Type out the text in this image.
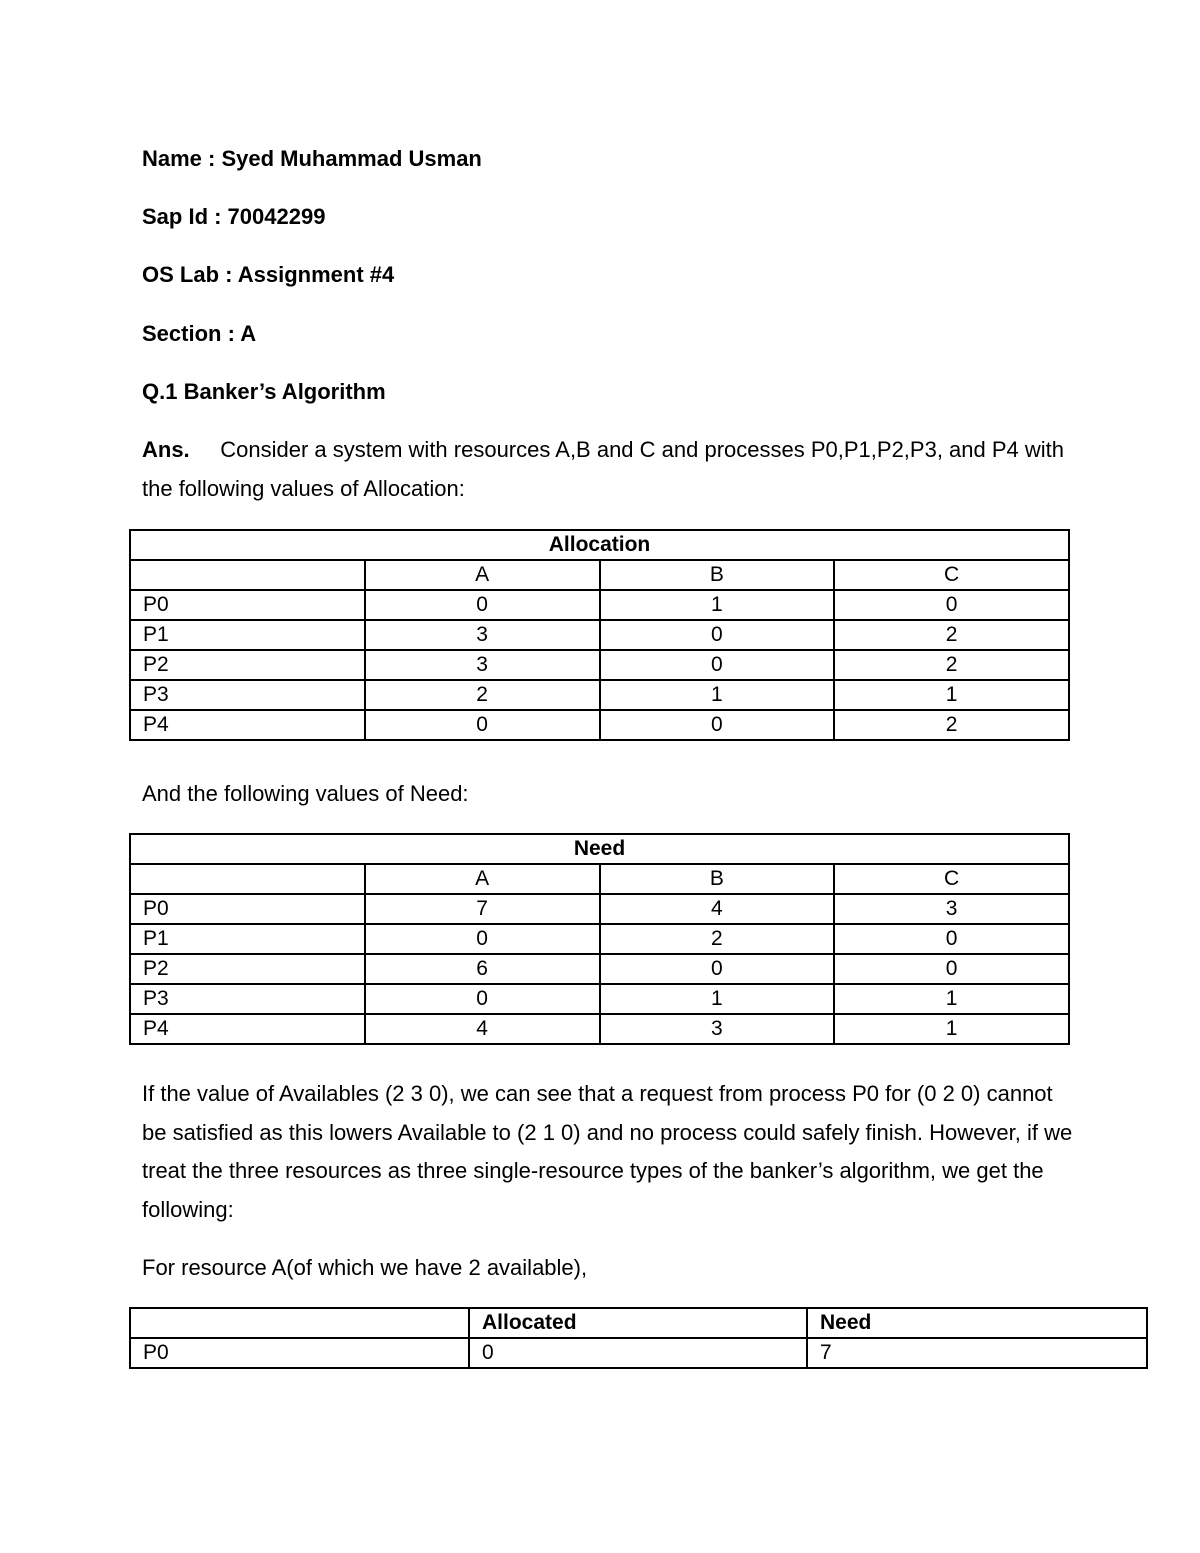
Name : Syed Muhammad Usman
Sap Id : 70042299
OS Lab : Assignment #4
Section : A
Q.1 Banker’s Algorithm
Ans. Consider a system with resources A,B and C and processes P0,P1,P2,P3, and P4 with the following values of Allocation:
Allocation			
	A	B	C
P0	0	1	0
P1	3	0	2
P2	3	0	2
P3	2	1	1
P4	0	0	2
And the following values of Need:
Need			
	A	B	C
P0	7	4	3
P1	0	2	0
P2	6	0	0
P3	0	1	1
P4	4	3	1
If the value of Availables (2 3 0), we can see that a request from process P0 for (0 2 0) cannot be satisfied as this lowers Available to (2 1 0) and no process could safely finish. However, if we treat the three resources as three single-resource types of the banker’s algorithm, we get the following:
For resource A(of which we have 2 available),
	Allocated	Need
P0	0	7
